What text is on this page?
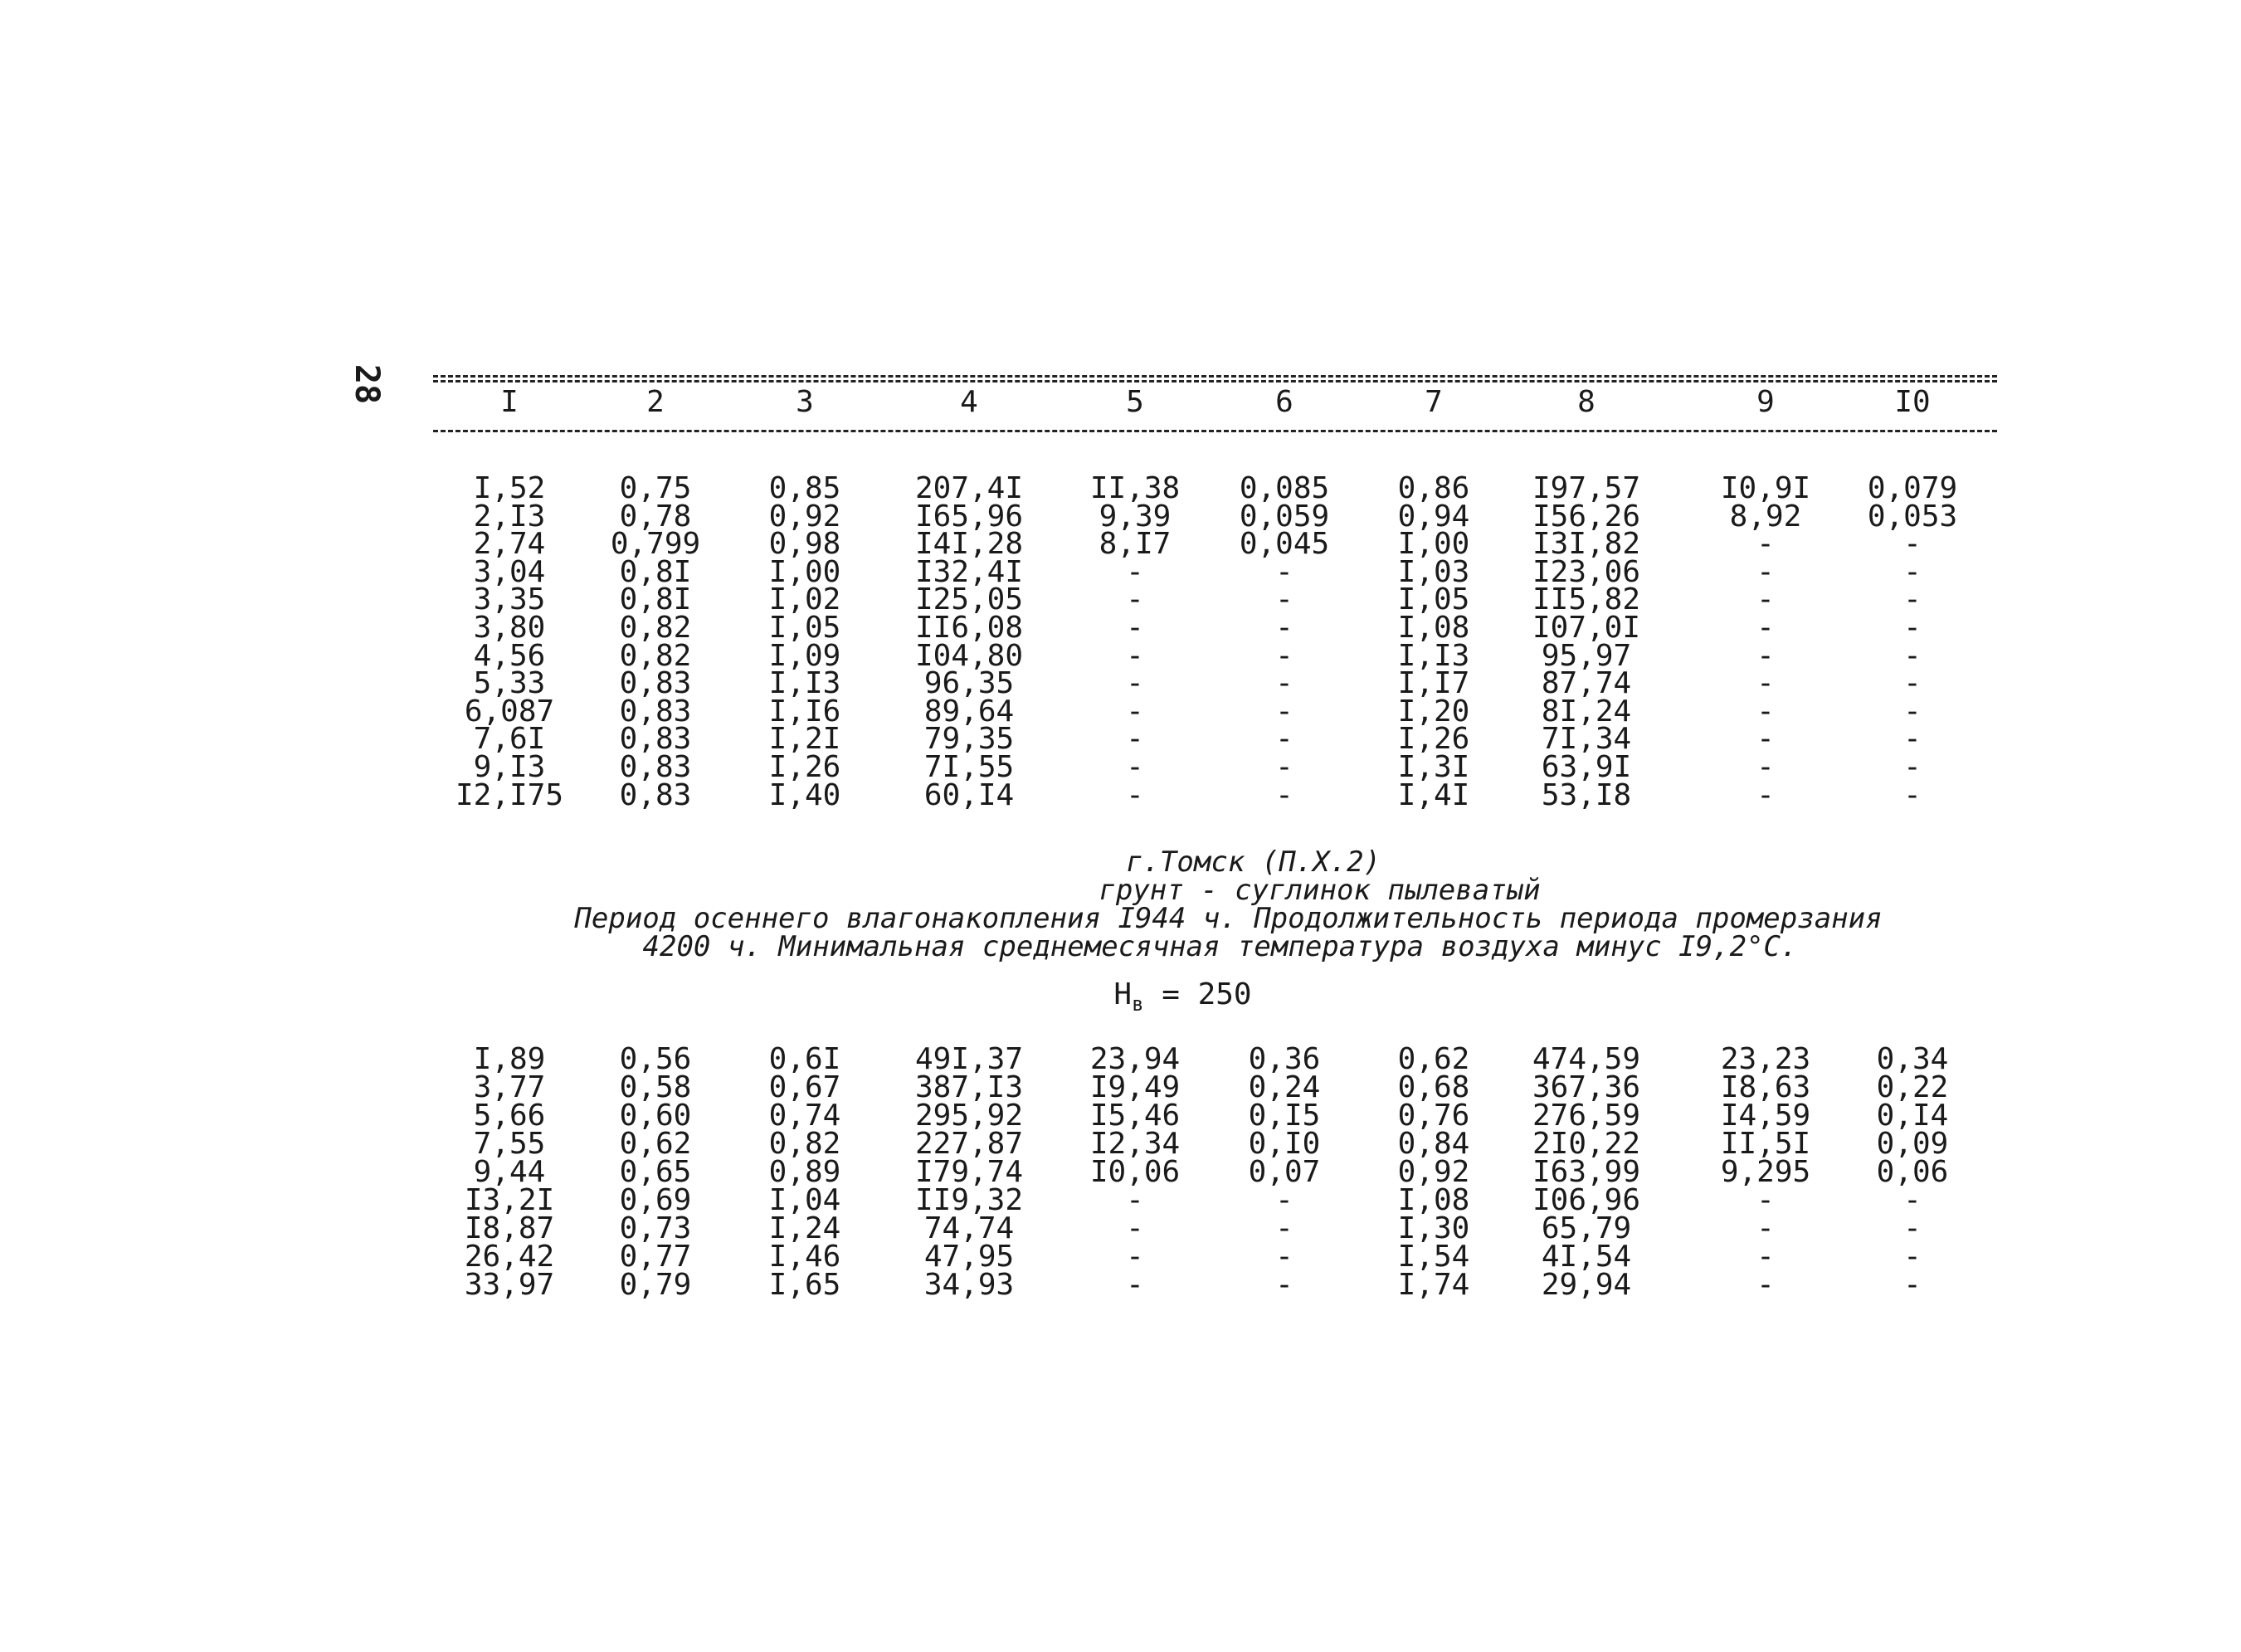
28	I	2	3	4	5	6	7	8	9	I0
I,52	0,75	0,85	207,4I	II,38	0,085	0,86	I97,57	I0,9I	0,079
2,I3	0,78	0,92	I65,96	9,39	0,059	0,94	I56,26	8,92	0,053
2,74	0,799	0,98	I4I,28	8,I7	0,045	I,00	I3I,82	-	-
3,04	0,8I	I,00	I32,4I	-	-	I,03	I23,06	-	-
3,35	0,8I	I,02	I25,05	-	-	I,05	II5,82	-	-
3,80	0,82	I,05	II6,08	-	-	I,08	I07,0I	-	-
4,56	0,82	I,09	I04,80	-	-	I,I3	95,97	-	-
5,33	0,83	I,I3	96,35	-	-	I,I7	87,74	-	-
6,087	0,83	I,I6	89,64	-	-	I,20	8I,24	-	-
7,6I	0,83	I,2I	79,35	-	-	I,26	7I,34	-	-
9,I3	0,83	I,26	7I,55	-	-	I,3I	63,9I	-	-
I2,I75	0,83	I,40	60,I4	-	-	I,4I	53,I8	-	-
г.Томск (П.Х.2)
грунт - суглинок пылеватый
Период осеннего влагонакопления I944 ч. Продолжительность периода промерзания
4200 ч. Минимальная среднемесячная температура воздуха минус I9,2°C.
$H_в = 250$
I,89	0,56	0,6I	49I,37	23,94	0,36	0,62	474,59	23,23	0,34
3,77	0,58	0,67	387,I3	I9,49	0,24	0,68	367,36	I8,63	0,22
5,66	0,60	0,74	295,92	I5,46	0,I5	0,76	276,59	I4,59	0,I4
7,55	0,62	0,82	227,87	I2,34	0,I0	0,84	2I0,22	II,5I	0,09
9,44	0,65	0,89	I79,74	I0,06	0,07	0,92	I63,99	9,295	0,06
I3,2I	0,69	I,04	II9,32	-	-	I,08	I06,96	-	-
I8,87	0,73	I,24	74,74	-	-	I,30	65,79	-	-
26,42	0,77	I,46	47,95	-	-	I,54	4I,54	-	-
33,97	0,79	I,65	34,93	-	-	I,74	29,94	-	-
